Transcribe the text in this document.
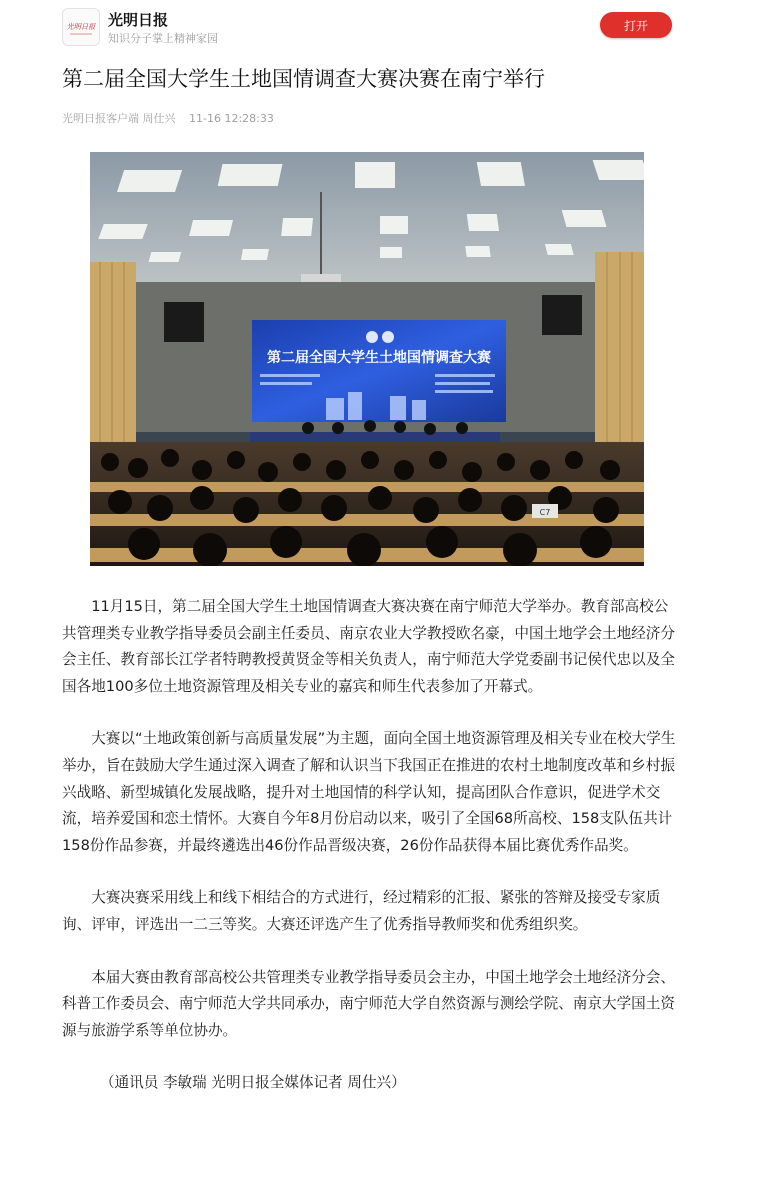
光明日报 光明日报
知识分子掌上精神家园
打开
第二届全国大学生土地国情调查大赛决赛在南宁举行
光明日报客户端 周仕兴 11-16 12:28:33
第二届全国大学生土地国情调查大赛
C7

11月15日，第二届全国大学生土地国情调查大赛决赛在南宁师范大学举办。教育部高校公共管理类专业教学指导委员会副主任委员、南京农业大学教授欧名豪，中国土地学会土地经济分会主任、教育部长江学者特聘教授黄贤金等相关负责人，南宁师范大学党委副书记侯代忠以及全国各地100多位土地资源管理及相关专业的嘉宾和师生代表参加了开幕式。

大赛以“土地政策创新与高质量发展”为主题，面向全国土地资源管理及相关专业在校大学生举办，旨在鼓励大学生通过深入调查了解和认识当下我国正在推进的农村土地制度改革和乡村振兴战略、新型城镇化发展战略，提升对土地国情的科学认知，提高团队合作意识，促进学术交流，培养爱国和恋土情怀。大赛自今年8月份启动以来，吸引了全国68所高校、158支队伍共计158份作品参赛，并最终遴选出46份作品晋级决赛，26份作品获得本届比赛优秀作品奖。

大赛决赛采用线上和线下相结合的方式进行，经过精彩的汇报、紧张的答辩及接受专家质询、评审，评选出一二三等奖。大赛还评选产生了优秀指导教师奖和优秀组织奖。

本届大赛由教育部高校公共管理类专业教学指导委员会主办，中国土地学会土地经济分会、科普工作委员会、南宁师范大学共同承办，南宁师范大学自然资源与测绘学院、南京大学国土资源与旅游学系等单位协办。

（通讯员 李敏瑞 光明日报全媒体记者 周仕兴）
